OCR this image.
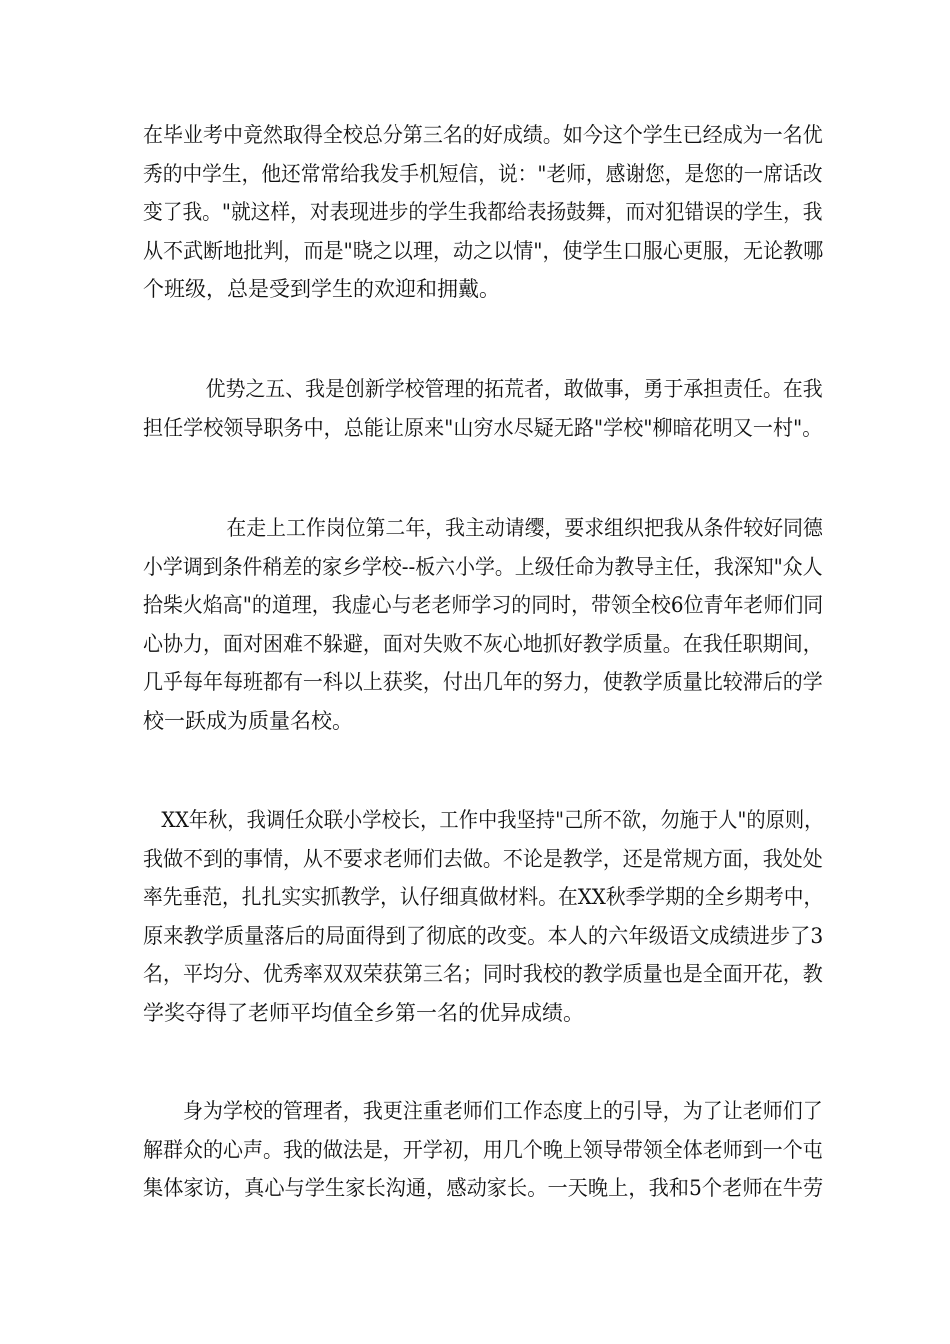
在毕业考中竟然取得全校总分第三名的好成绩。如今这个学生已经成为一名优
秀的中学生，他还常常给我发手机短信，说："老师，感谢您，是您的一席话改
变了我。"就这样，对表现进步的学生我都给表扬鼓舞，而对犯错误的学生，我
从不武断地批判，而是"晓之以理，动之以情"，使学生口服心更服，无论教哪
个班级，总是受到学生的欢迎和拥戴。
优势之五、我是创新学校管理的拓荒者，敢做事，勇于承担责任。在我
担任学校领导职务中，总能让原来"山穷水尽疑无路"学校"柳暗花明又一村"。
在走上工作岗位第二年，我主动请缨，要求组织把我从条件较好同德
小学调到条件稍差的家乡学校--板六小学。上级任命为教导主任，我深知"众人
拾柴火焰高"的道理，我虚心与老老师学习的同时，带领全校6位青年老师们同
心协力，面对困难不躲避，面对失败不灰心地抓好教学质量。在我任职期间，
几乎每年每班都有一科以上获奖，付出几年的努力，使教学质量比较滞后的学
校一跃成为质量名校。
XX年秋，我调任众联小学校长，工作中我坚持"己所不欲，勿施于人"的原则，
我做不到的事情，从不要求老师们去做。不论是教学，还是常规方面，我处处
率先垂范，扎扎实实抓教学，认仔细真做材料。在XX秋季学期的全乡期考中，
原来教学质量落后的局面得到了彻底的改变。本人的六年级语文成绩进步了3
名，平均分、优秀率双双荣获第三名；同时我校的教学质量也是全面开花，教
学奖夺得了老师平均值全乡第一名的优异成绩。
身为学校的管理者，我更注重老师们工作态度上的引导，为了让老师们了
解群众的心声。我的做法是，开学初，用几个晚上领导带领全体老师到一个屯
集体家访，真心与学生家长沟通，感动家长。一天晚上，我和5个老师在牛劳
